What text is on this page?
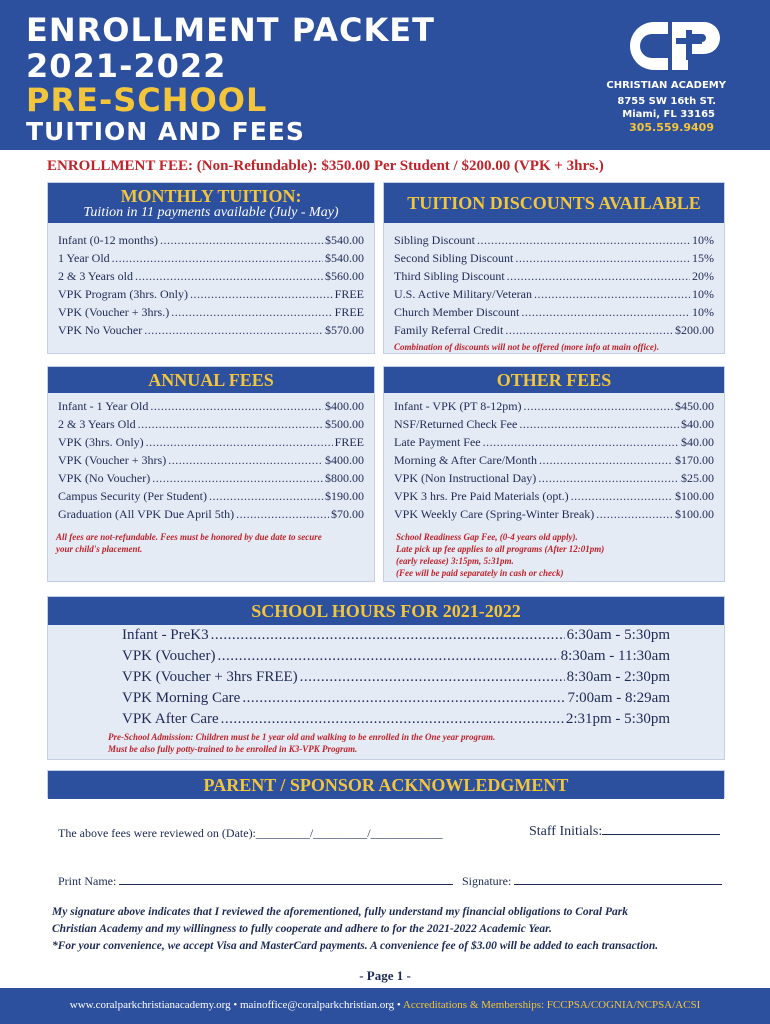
ENROLLMENT PACKET
2021-2022
PRE-SCHOOL
TUITION AND FEES
CHRISTIAN ACADEMY
8755 SW 16th ST.
Miami, FL 33165
305.559.9409
ENROLLMENT FEE: (Non-Refundable): $350.00 Per Student / $200.00 (VPK + 3hrs.)
MONTHLY TUITION:
Tuition in 11 payments available (July - May)
Infant (0-12 months) .....	$540.00
1 Year Old .....	$540.00
2 & 3 Years old .....	$560.00
VPK Program (3hrs. Only) .....	FREE
VPK (Voucher + 3hrs.) .....	FREE
VPK No Voucher .....	$570.00
TUITION DISCOUNTS AVAILABLE
Sibling Discount .....	10%
Second Sibling Discount .....	15%
Third Sibling Discount .....	20%
U.S. Active Military/Veteran .....	10%
Church Member Discount .....	10%
Family Referral Credit .....	$200.00
Combination of discounts will not be offered (more info at main office).
ANNUAL FEES
Infant - 1 Year Old .....	$400.00
2 & 3 Years Old .....	$500.00
VPK (3hrs. Only) .....	FREE
VPK (Voucher + 3hrs) .....	$400.00
VPK (No Voucher) .....	$800.00
Campus Security (Per Student) .....	$190.00
Graduation (All VPK Due April 5th) .....	$70.00
All fees are not-refundable. Fees must be honored by due date to secure
your child's placement.
OTHER FEES
Infant - VPK (PT 8-12pm) .....	$450.00
NSF/Returned Check Fee .....	$40.00
Late Payment Fee .....	$40.00
Morning & After Care/Month .....	$170.00
VPK (Non Instructional Day) .....	$25.00
VPK 3 hrs. Pre Paid Materials (opt.) .....	$100.00
VPK Weekly Care (Spring-Winter Break) .....	$100.00
School Readiness Gap Fee, (0-4 years old apply).
Late pick up fee applies to all programs (After 12:01pm)
(early release) 3:15pm, 5:31pm.
(Fee will be paid separately in cash or check)
SCHOOL HOURS FOR 2021-2022
Infant - PreK3 .....	6:30am - 5:30pm
VPK (Voucher) .....	8:30am - 11:30am
VPK (Voucher + 3hrs FREE) .....	8:30am - 2:30pm
VPK Morning Care .....	7:00am - 8:29am
VPK After Care .....	2:31pm - 5:30pm
Pre-School Admission: Children must be 1 year old and walking to be enrolled in the One year program.
Must be also fully potty-trained to be enrolled in K3-VPK Program.
PARENT / SPONSOR ACKNOWLEDGMENT
The above fees were reviewed on (Date):_________/_________/____________	Staff Initials:
Print Name:	Signature:
My signature above indicates that I reviewed the aforementioned, fully understand my financial obligations to Coral Park
Christian Academy and my willingness to fully cooperate and adhere to for the 2021-2022 Academic Year.
*For your convenience, we accept Visa and MasterCard payments. A convenience fee of $3.00 will be added to each transaction.
- Page 1 -
www.coralparkchristianacademy.org • mainoffice@coralparkchristian.org • Accreditations & Memberships: FCCPSA/COGNIA/NCPSA/ACSI
